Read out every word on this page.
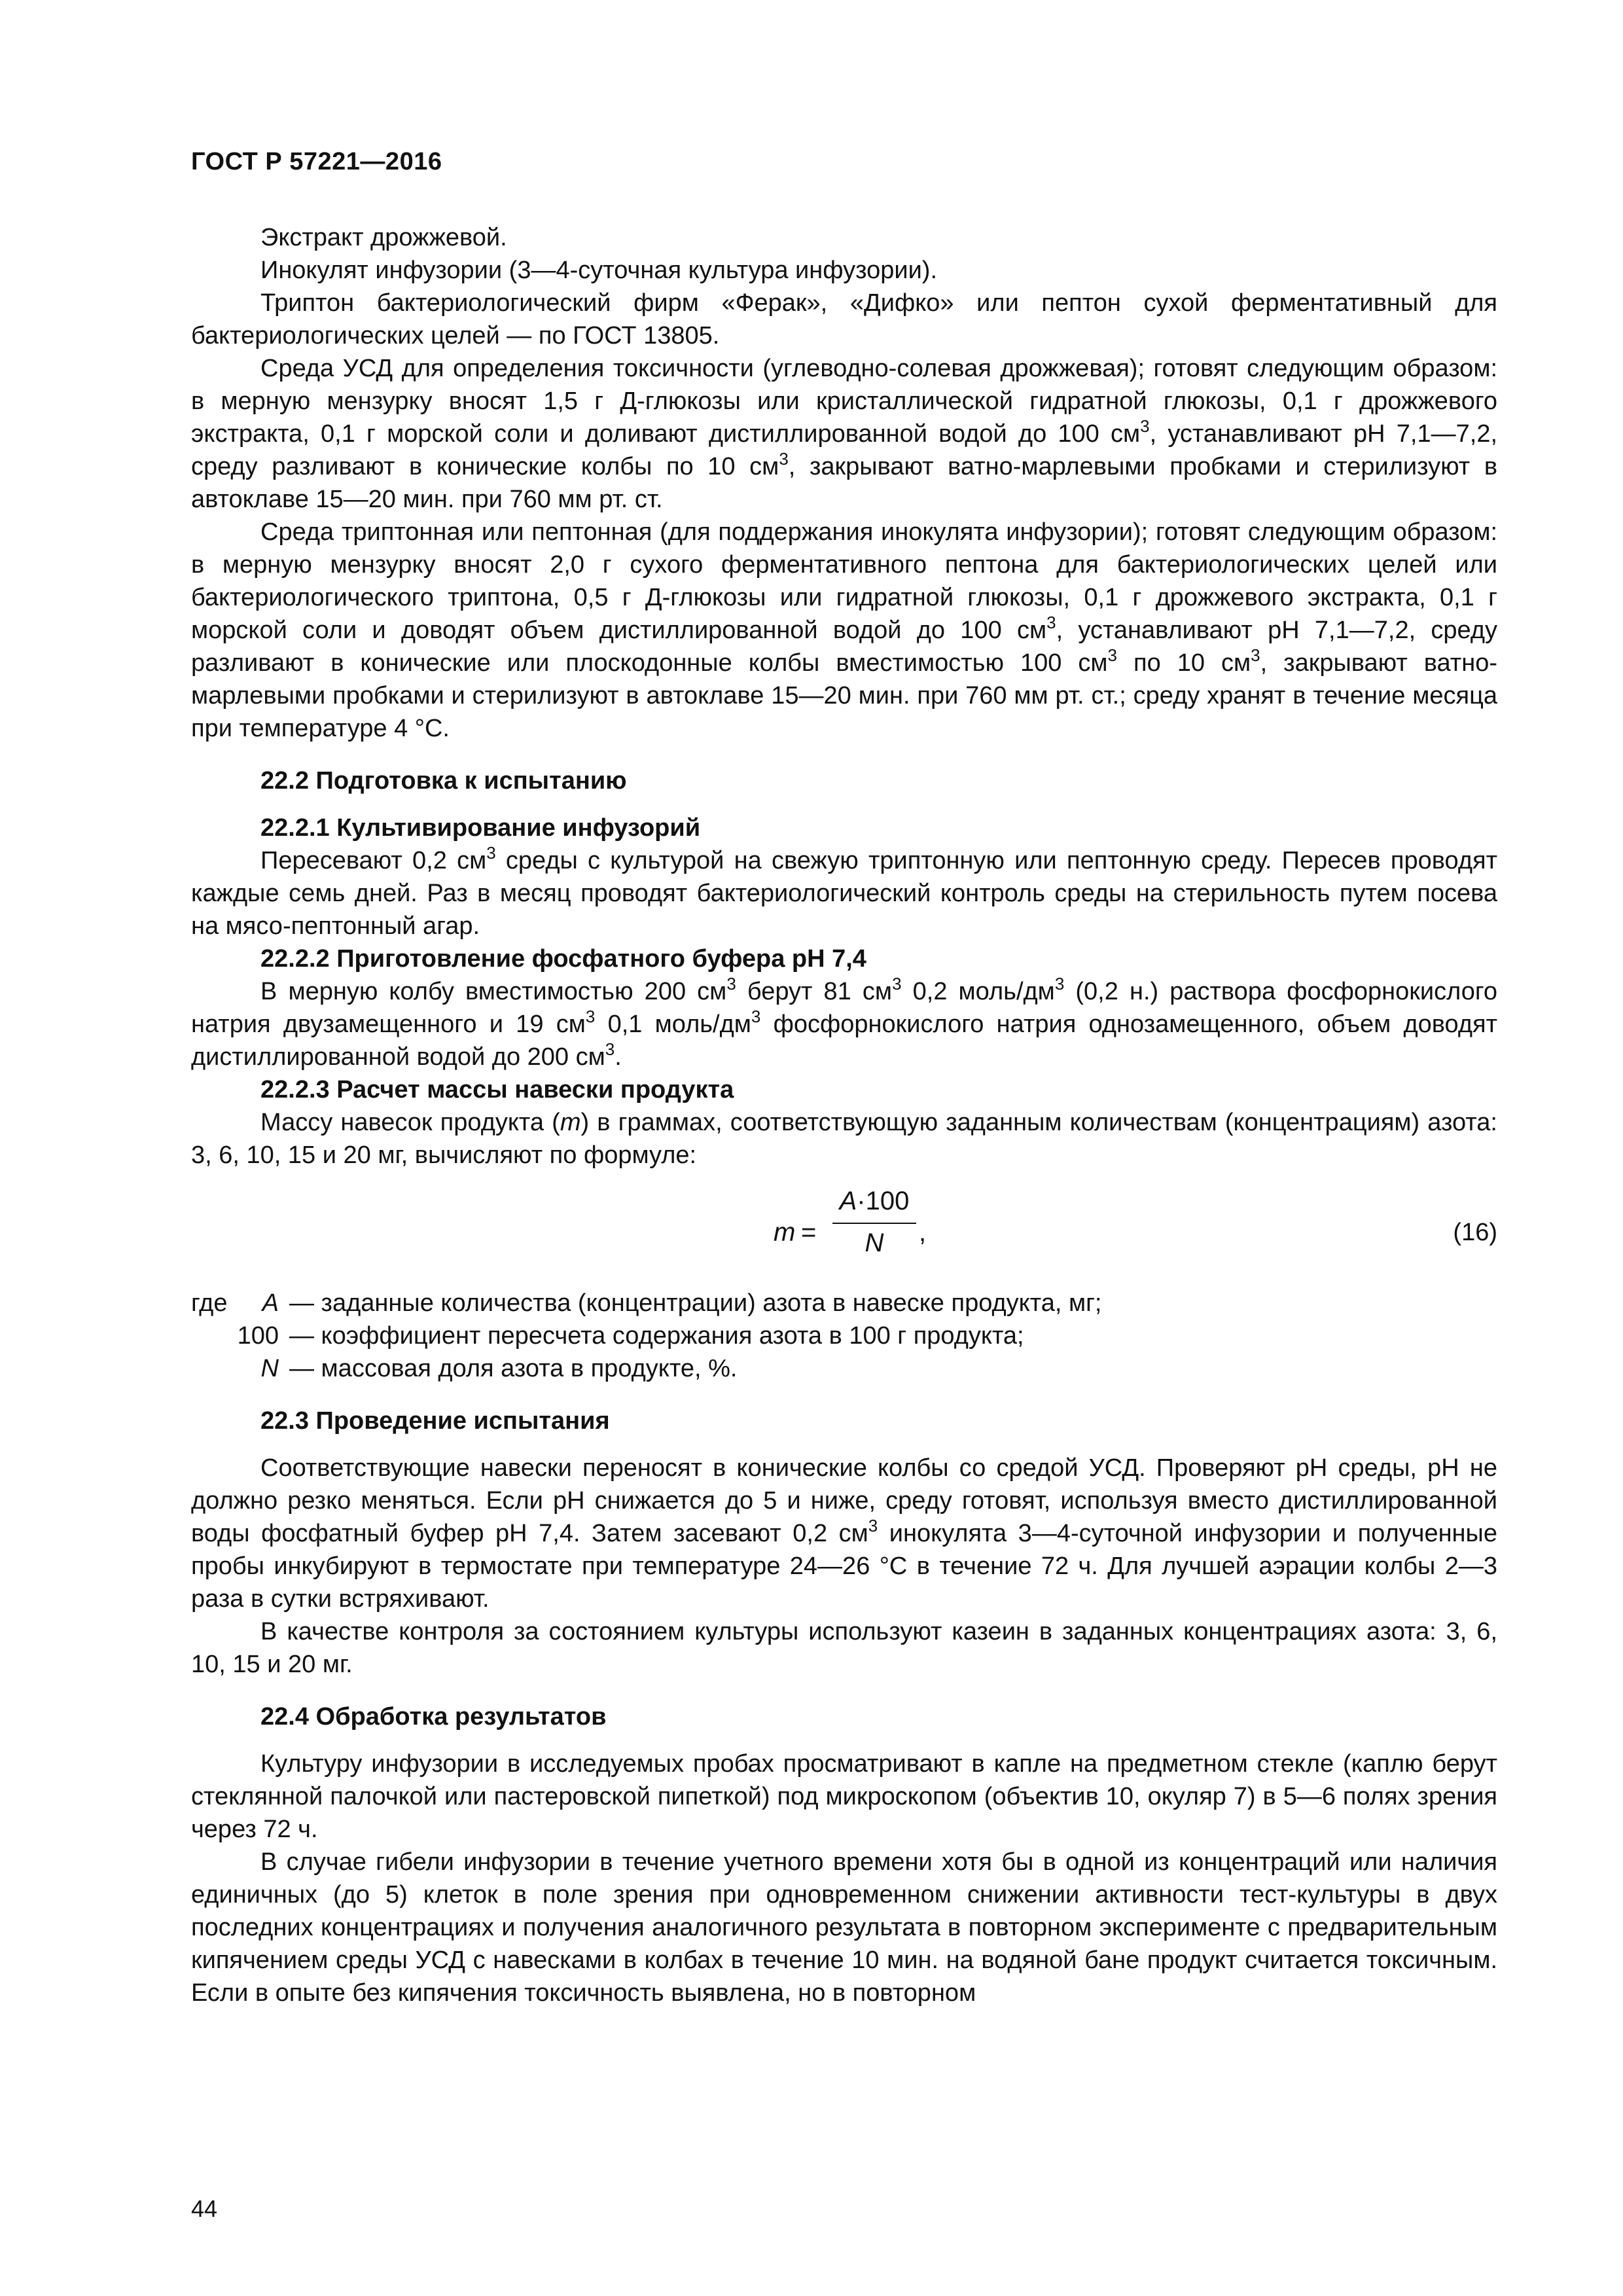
ГОСТ Р 57221—2016

Экстракт дрожжевой.

Инокулят инфузории (3—4-суточная культура инфузории).

Триптон бактериологический фирм «Ферак», «Дифко» или пептон сухой ферментативный для бактериологических целей — по ГОСТ 13805.

Среда УСД для определения токсичности (углеводно-солевая дрожжевая); готовят следующим образом: в мерную мензурку вносят 1,5 г Д-глюкозы или кристаллической гидратной глюкозы, 0,1 г дрожжевого экстракта, 0,1 г морской соли и доливают дистиллированной водой до 100 $см^3$, устанавливают pH 7,1—7,2, среду разливают в конические колбы по 10 $см^3$, закрывают ватно-марлевыми пробками и стерилизуют в автоклаве 15—20 мин. при 760 мм рт. ст.

Среда триптонная или пептонная (для поддержания инокулята инфузории); готовят следующим образом: в мерную мензурку вносят 2,0 г сухого ферментативного пептона для бактериологических целей или бактериологического триптона, 0,5 г Д-глюкозы или гидратной глюкозы, 0,1 г дрожжевого экстракта, 0,1 г морской соли и доводят объем дистиллированной водой до 100 $см^3$, устанавливают pH 7,1—7,2, среду разливают в конические или плоскодонные колбы вместимостью 100 $см^3$ по 10 $см^3$, закрывают ватно-марлевыми пробками и стерилизуют в автоклаве 15—20 мин. при 760 мм рт. ст.; среду хранят в течение месяца при температуре 4 °С.

22.2 Подготовка к испытанию
22.2.1 Культивирование инфузорий

Пересевают 0,2 $см^3$ среды с культурой на свежую триптонную или пептонную среду. Пересев проводят каждые семь дней. Раз в месяц проводят бактериологический контроль среды на стерильность путем посева на мясо-пептонный агар.

22.2.2 Приготовление фосфатного буфера pH 7,4

В мерную колбу вместимостью 200 $см^3$ берут 81 $см^3$ 0,2 моль/$дм^3$ (0,2 н.) раствора фосфорнокислого натрия двузамещенного и 19 $см^3$ 0,1 моль/$дм^3$ фосфорнокислого натрия однозамещенного, объем доводят дистиллированной водой до 200 $см^3$.

22.2.3 Расчет массы навески продукта

Массу навесок продукта (m) в граммах, соответствующую заданным количествам (концентрациям) азота: 3, 6, 10, 15 и 20 мг, вычисляют по формуле:

m =
A·100
N	,	(16)
где A — заданные количества (концентрации) азота в навеске продукта, мг;
100 — коэффициент пересчета содержания азота в 100 г продукта;
N — массовая доля азота в продукте, %.
22.3 Проведение испытания

Соответствующие навески переносят в конические колбы со средой УСД. Проверяют pH среды, pH не должно резко меняться. Если pH снижается до 5 и ниже, среду готовят, используя вместо дистиллированной воды фосфатный буфер pH 7,4. Затем засевают 0,2 $см^3$ инокулята 3—4-суточной инфузории и полученные пробы инкубируют в термостате при температуре 24—26 °С в течение 72 ч. Для лучшей аэрации колбы 2—3 раза в сутки встряхивают.

В качестве контроля за состоянием культуры используют казеин в заданных концентрациях азота: 3, 6, 10, 15 и 20 мг.

22.4 Обработка результатов

Культуру инфузории в исследуемых пробах просматривают в капле на предметном стекле (каплю берут стеклянной палочкой или пастеровской пипеткой) под микроскопом (объектив 10, окуляр 7) в 5—6 полях зрения через 72 ч.

В случае гибели инфузории в течение учетного времени хотя бы в одной из концентраций или наличия единичных (до 5) клеток в поле зрения при одновременном снижении активности тест-культуры в двух последних концентрациях и получения аналогичного результата в повторном эксперименте с предварительным кипячением среды УСД с навесками в колбах в течение 10 мин. на водяной бане продукт считается токсичным. Если в опыте без кипячения токсичность выявлена, но в повторном

44
